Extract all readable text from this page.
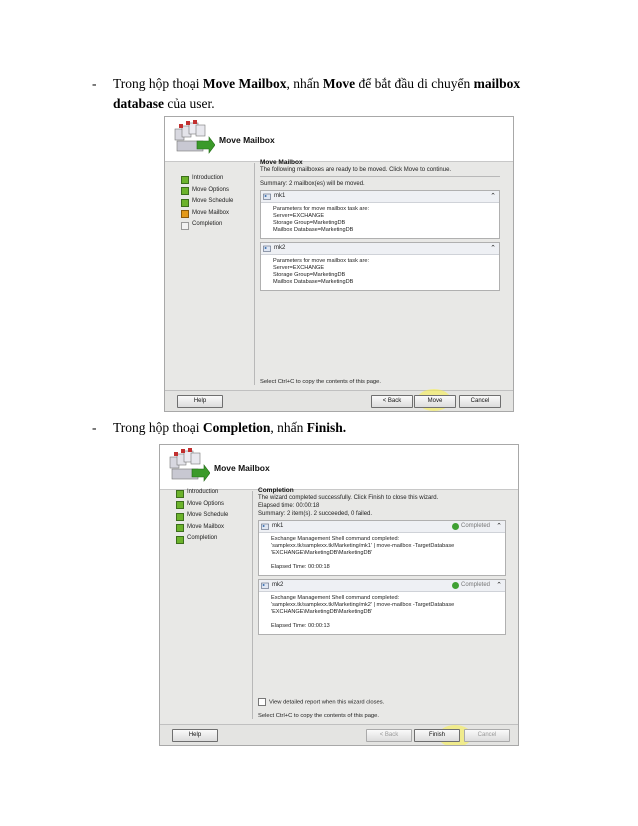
- Trong hộp thoại Move Mailbox, nhấn Move để bắt đầu di chuyển mailbox database của user.
Move Mailbox
Introduction
Move Options
Move Schedule
Move Mailbox
Completion
Move Mailbox
The following mailboxes are ready to be moved. Click Move to continue.
Summary: 2 mailbox(es) will be moved.
mk1	⌃
Parameters for move mailbox task are:
Server=EXCHANGE
Storage Group=MarketingDB
Mailbox Database=MarketingDB
mk2	⌃
Parameters for move mailbox task are:
Server=EXCHANGE
Storage Group=MarketingDB
Mailbox Database=MarketingDB
Select Ctrl+C to copy the contents of this page.
Help	< Back	Move	Cancel
- Trong hộp thoại Completion, nhấn Finish.
Move Mailbox
Introduction
Move Options
Move Schedule
Move Mailbox
Completion
Completion
The wizard completed successfully. Click Finish to close this wizard.
Elapsed time: 00:00:18
Summary: 2 item(s). 2 succeeded, 0 failed.
mk1	Completed ⌃
Exchange Management Shell command completed:
'samplexx.tk/samplexx.tk/Marketing/mk1' | move-mailbox -TargetDatabase
'EXCHANGE\MarketingDB\MarketingDB'
Elapsed Time: 00:00:18
mk2	Completed ⌃
Exchange Management Shell command completed:
'samplexx.tk/samplexx.tk/Marketing/mk2' | move-mailbox -TargetDatabase
'EXCHANGE\MarketingDB\MarketingDB'
Elapsed Time: 00:00:13
View detailed report when this wizard closes.
Select Ctrl+C to copy the contents of this page.
Help	< Back	Finish	Cancel
